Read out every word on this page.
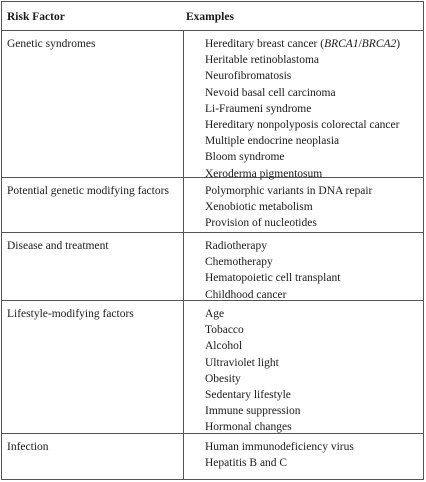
Risk Factor	Examples
Genetic syndromes	Hereditary breast cancer (BRCA1/BRCA2)
Heritable retinoblastoma
Neurofibromatosis
Nevoid basal cell carcinoma
Li-Fraumeni syndrome
Hereditary nonpolyposis colorectal cancer
Multiple endocrine neoplasia
Bloom syndrome
Xeroderma pigmentosum
Potential genetic modifying factors	Polymorphic variants in DNA repair
Xenobiotic metabolism
Provision of nucleotides
Disease and treatment	Radiotherapy
Chemotherapy
Hematopoietic cell transplant
Childhood cancer
Lifestyle-modifying factors	Age
Tobacco
Alcohol
Ultraviolet light
Obesity
Sedentary lifestyle
Immune suppression
Hormonal changes
Infection	Human immunodeficiency virus
Hepatitis B and C
